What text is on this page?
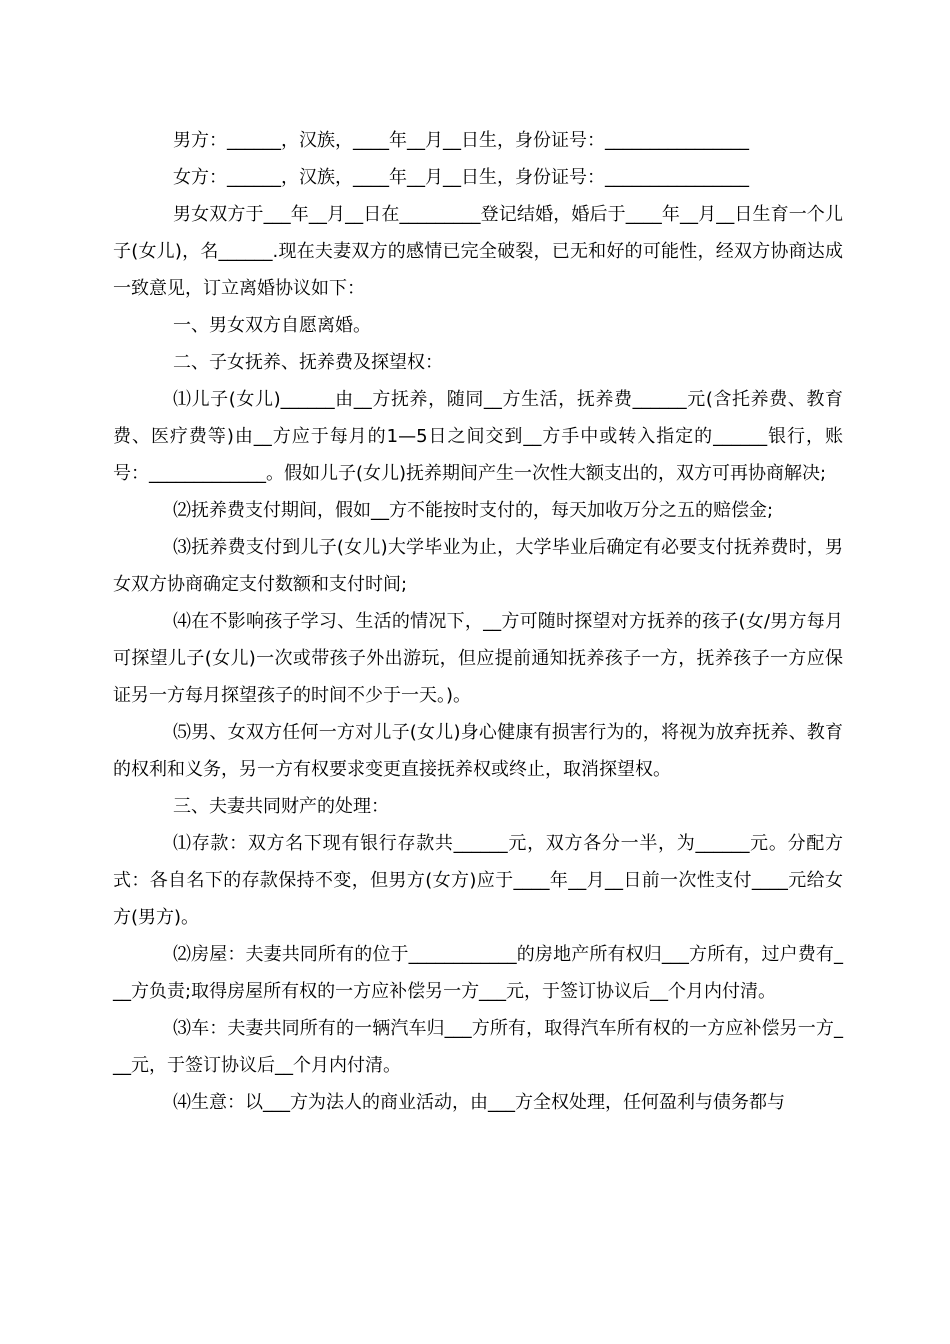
男方：______，汉族，____年__月__日生，身份证号：________________

女方：______，汉族，____年__月__日生，身份证号：________________

男女双方于___年__月__日在_________登记结婚，婚后于____年__月__日生育一个儿子(女儿)，名______.现在夫妻双方的感情已完全破裂，已无和好的可能性，经双方协商达成一致意见，订立离婚协议如下：

一、男女双方自愿离婚。

二、子女抚养、抚养费及探望权：

⑴儿子(女儿)______由__方抚养，随同__方生活，抚养费______元(含托养费、教育费、医疗费等)由__方应于每月的1—5日之间交到__方手中或转入指定的______银行，账号：_____________。假如儿子(女儿)抚养期间产生一次性大额支出的，双方可再协商解决;

⑵抚养费支付期间，假如__方不能按时支付的，每天加收万分之五的赔偿金;

⑶抚养费支付到儿子(女儿)大学毕业为止，大学毕业后确定有必要支付抚养费时，男女双方协商确定支付数额和支付时间;

⑷在不影响孩子学习、生活的情况下，__方可随时探望对方抚养的孩子(女/男方每月可探望儿子(女儿)一次或带孩子外出游玩，但应提前通知抚养孩子一方，抚养孩子一方应保证另一方每月探望孩子的时间不少于一天。)。

⑸男、女双方任何一方对儿子(女儿)身心健康有损害行为的，将视为放弃抚养、教育的权利和义务，另一方有权要求变更直接抚养权或终止，取消探望权。

三、夫妻共同财产的处理：

⑴存款：双方名下现有银行存款共______元，双方各分一半，为______元。分配方式：各自名下的存款保持不变，但男方(女方)应于____年__月__日前一次性支付____元给女方(男方)。

⑵房屋：夫妻共同所有的位于____________的房地产所有权归___方所有，过户费有___方负责;取得房屋所有权的一方应补偿另一方___元，于签订协议后__个月内付清。

⑶车：夫妻共同所有的一辆汽车归___方所有，取得汽车所有权的一方应补偿另一方___元，于签订协议后__个月内付清。

⑷生意：以___方为法人的商业活动，由___方全权处理，任何盈利与债务都与
